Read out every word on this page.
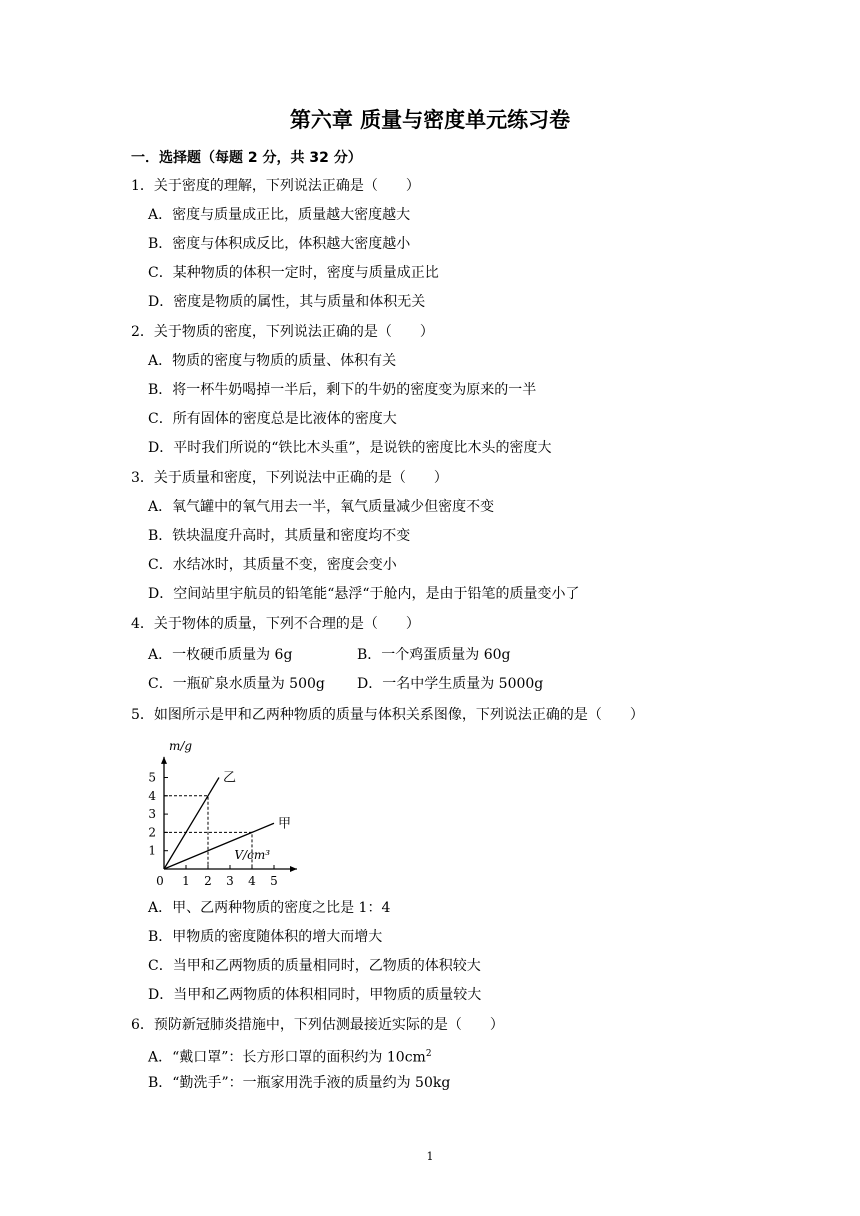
第六章 质量与密度单元练习卷
一．选择题（每题 2 分，共 32 分）
1．关于密度的理解，下列说法正确是（　　）
A．密度与质量成正比，质量越大密度越大
B．密度与体积成反比，体积越大密度越小
C．某种物质的体积一定时，密度与质量成正比
D．密度是物质的属性，其与质量和体积无关
2．关于物质的密度，下列说法正确的是（　　）
A．物质的密度与物质的质量、体积有关
B．将一杯牛奶喝掉一半后，剩下的牛奶的密度变为原来的一半
C．所有固体的密度总是比液体的密度大
D．平时我们所说的“铁比木头重”，是说铁的密度比木头的密度大
3．关于质量和密度，下列说法中正确的是（　　）
A．氧气罐中的氧气用去一半，氧气质量减少但密度不变
B．铁块温度升高时，其质量和密度均不变
C．水结冰时，其质量不变，密度会变小
D．空间站里宇航员的铅笔能“悬浮“于舱内，是由于铅笔的质量变小了
4．关于物体的质量，下列不合理的是（　　）
A．一枚硬币质量为 6g	B．一个鸡蛋质量为 60g
C．一瓶矿泉水质量为 500g D．一名中学生质量为 5000g
5．如图所示是甲和乙两种物质的质量与体积关系图像，下列说法正确的是（　　）
0 1 2 3 4 5
1
2
3
4
5	乙
甲
m/g
V/cm³
A．甲、乙两种物质的密度之比是 1：4
B．甲物质的密度随体积的增大而增大
C．当甲和乙两物质的质量相同时，乙物质的体积较大
D．当甲和乙两物质的体积相同时，甲物质的质量较大
6．预防新冠肺炎措施中，下列估测最接近实际的是（　　）
A．“戴口罩”：长方形口罩的面积约为 $10cm^2$
B．“勤洗手”：一瓶家用洗手液的质量约为 50kg
1
